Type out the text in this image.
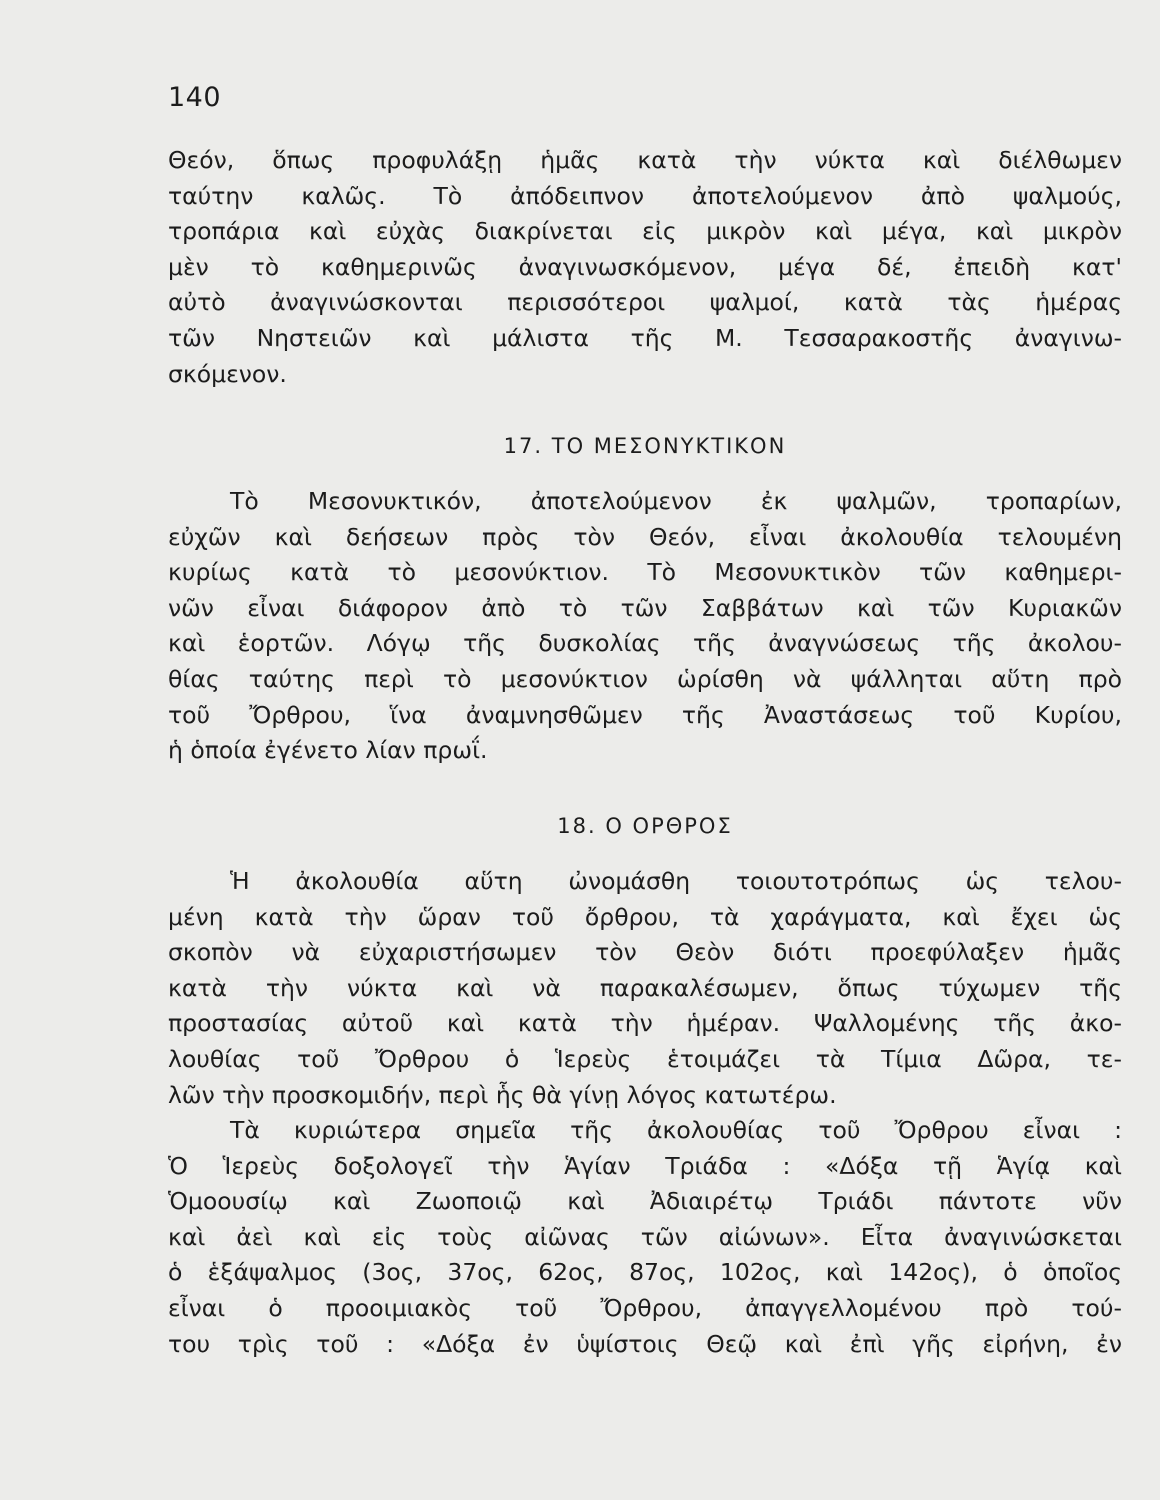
140
Θεόν, ὅπως προφυλάξῃ ἡμᾶς κατὰ τὴν νύκτα καὶ διέλθωμεν
ταύτην καλῶς. Τὸ ἀπόδειπνον ἀποτελούμενον ἀπὸ ψαλμούς,
τροπάρια καὶ εὐχὰς διακρίνεται εἰς μικρὸν καὶ μέγα, καὶ μικρὸν
μὲν τὸ καθημερινῶς ἀναγινωσκόμενον, μέγα δέ, ἐπειδὴ κατ'
αὐτὸ ἀναγινώσκονται περισσότεροι ψαλμοί, κατὰ τὰς ἡμέρας
τῶν Νηστειῶν καὶ μάλιστα τῆς Μ. Τεσσαρακοστῆς ἀναγινω-
σκόμενον.
17. ΤΟ ΜΕΣΟΝΥΚΤΙΚΟΝ
Τὸ Μεσονυκτικόν, ἀποτελούμενον ἐκ ψαλμῶν, τροπαρίων,
εὐχῶν καὶ δεήσεων πρὸς τὸν Θεόν, εἶναι ἀκολουθία τελουμένη
κυρίως κατὰ τὸ μεσονύκτιον. Τὸ Μεσονυκτικὸν τῶν καθημερι-
νῶν εἶναι διάφορον ἀπὸ τὸ τῶν Σαββάτων καὶ τῶν Κυριακῶν
καὶ ἑορτῶν. Λόγῳ τῆς δυσκολίας τῆς ἀναγνώσεως τῆς ἀκολου-
θίας ταύτης περὶ τὸ μεσονύκτιον ὡρίσθη νὰ ψάλληται αὕτη πρὸ
τοῦ Ὄρθρου, ἵνα ἀναμνησθῶμεν τῆς Ἀναστάσεως τοῦ Κυρίου,
ἡ ὁποία ἐγένετο λίαν πρωΐ.
18. Ο ΟΡΘΡΟΣ
Ἡ ἀκολουθία αὕτη ὠνομάσθη τοιουτοτρόπως ὡς τελου-
μένη κατὰ τὴν ὥραν τοῦ ὄρθρου, τὰ χαράγματα, καὶ ἔχει ὡς
σκοπὸν νὰ εὐχαριστήσωμεν τὸν Θεὸν διότι προεφύλαξεν ἡμᾶς
κατὰ τὴν νύκτα καὶ νὰ παρακαλέσωμεν, ὅπως τύχωμεν τῆς
προστασίας αὐτοῦ καὶ κατὰ τὴν ἡμέραν. Ψαλλομένης τῆς ἀκο-
λουθίας τοῦ Ὄρθρου ὁ Ἱερεὺς ἑτοιμάζει τὰ Τίμια Δῶρα, τε-
λῶν τὴν προσκομιδήν, περὶ ἧς θὰ γίνῃ λόγος κατωτέρω.
Τὰ κυριώτερα σημεῖα τῆς ἀκολουθίας τοῦ Ὄρθρου εἶναι :
Ὁ Ἱερεὺς δοξολογεῖ τὴν Ἁγίαν Τριάδα : «Δόξα τῇ Ἁγίᾳ καὶ
Ὁμοουσίῳ καὶ Ζωοποιῷ καὶ Ἀδιαιρέτῳ Τριάδι πάντοτε νῦν
καὶ ἀεὶ καὶ εἰς τοὺς αἰῶνας τῶν αἰώνων». Εἶτα ἀναγινώσκεται
ὁ ἑξάψαλμος (3ος, 37ος, 62ος, 87ος, 102ος, καὶ 142ος), ὁ ὁποῖος
εἶναι ὁ προοιμιακὸς τοῦ Ὄρθρου, ἀπαγγελλομένου πρὸ τού-
του τρὶς τοῦ : «Δόξα ἐν ὑψίστοις Θεῷ καὶ ἐπὶ γῆς εἰρήνη, ἐν
